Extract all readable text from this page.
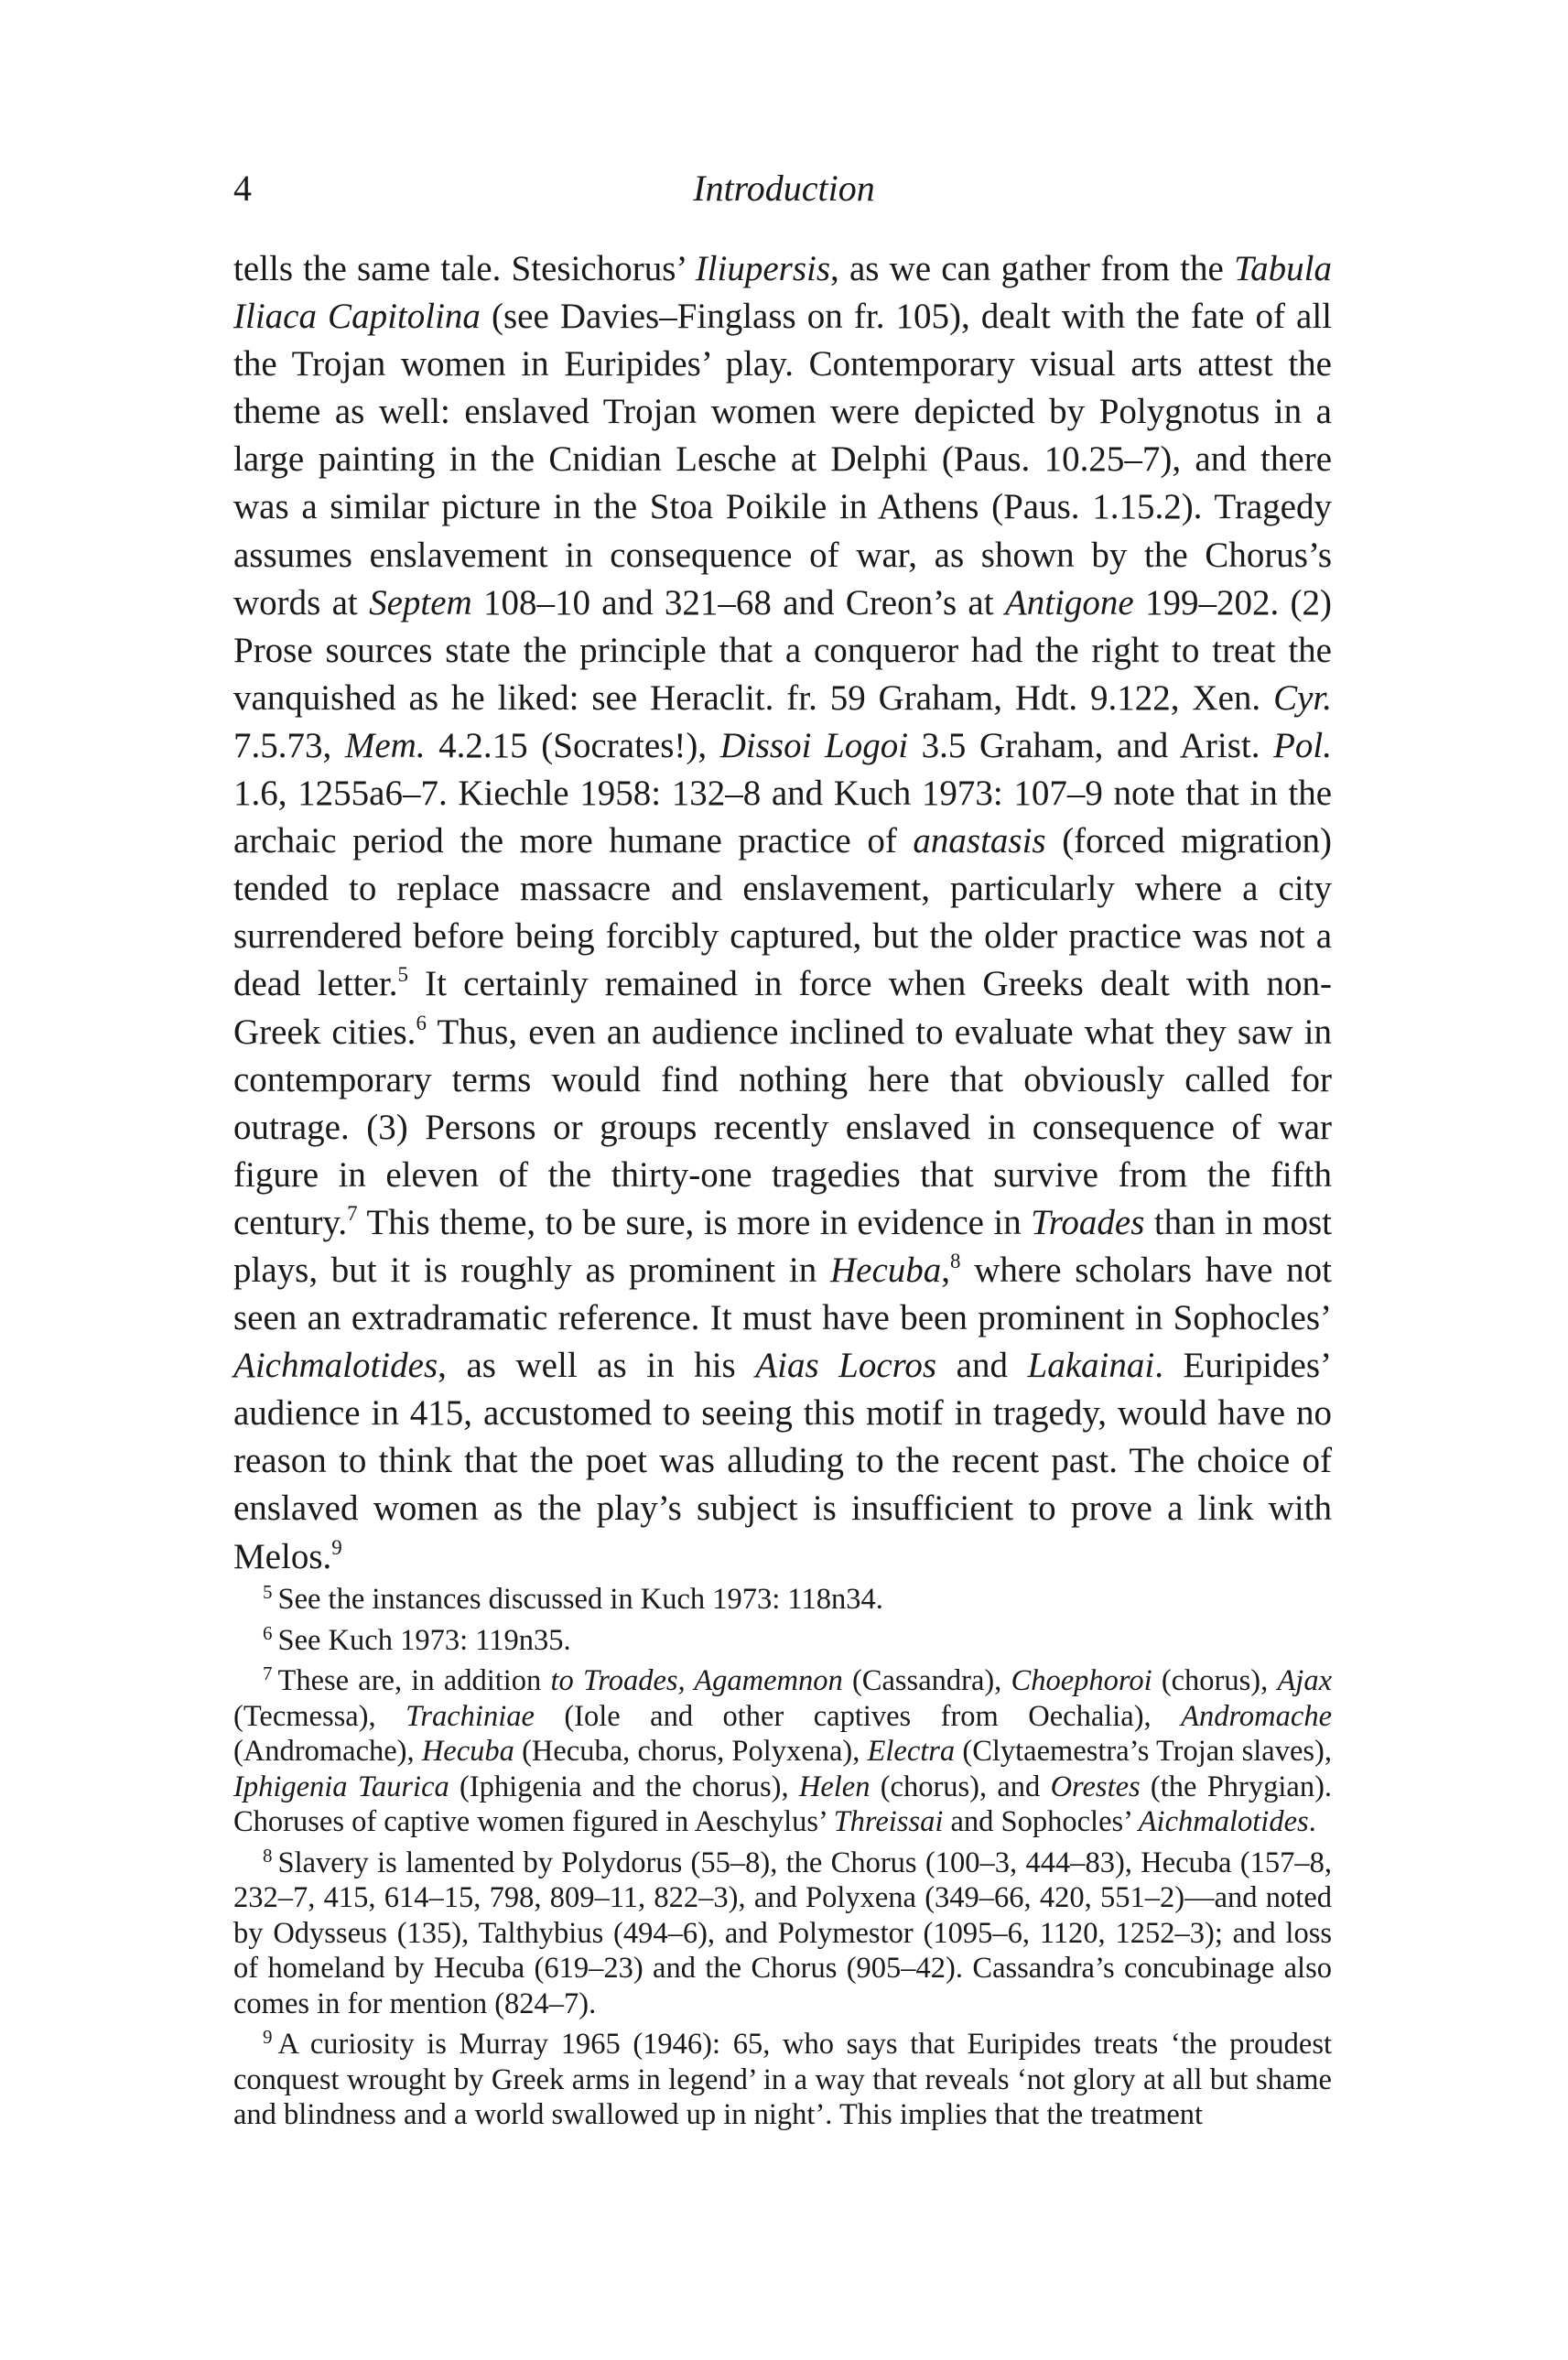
4	Introduction

tells the same tale. Stesichorus’ Iliupersis, as we can gather from the Tabula Iliaca Capitolina (see Davies–Finglass on fr. 105), dealt with the fate of all the Trojan women in Euripides’ play. Contemporary visual arts attest the theme as well: enslaved Trojan women were depicted by Polygnotus in a large painting in the Cnidian Lesche at Delphi (Paus. 10.25–7), and there was a similar picture in the Stoa Poikile in Athens (Paus. 1.15.2). Tragedy assumes enslavement in consequence of war, as shown by the Chorus’s words at Septem 108–10 and 321–68 and Creon’s at Antigone 199–202. (2) Prose sources state the principle that a conqueror had the right to treat the vanquished as he liked: see Heraclit. fr. 59 Graham, Hdt. 9.122, Xen. Cyr. 7.5.73, Mem. 4.2.15 (Socrates!), Dissoi Logoi 3.5 Graham, and Arist. Pol. 1.6, 1255a6–7. Kiechle 1958: 132–8 and Kuch 1973: 107–9 note that in the archaic period the more humane practice of anastasis (forced migration) tended to replace massacre and enslavement, particularly where a city surrendered before being forcibly captured, but the older practice was not a dead letter.$^5$ It certainly remained in force when Greeks dealt with non-Greek cities.$^6$ Thus, even an audience inclined to evaluate what they saw in contemporary terms would find nothing here that obviously called for outrage. (3) Persons or groups recently enslaved in consequence of war figure in eleven of the thirty-one tragedies that survive from the fifth century.$^7$ This theme, to be sure, is more in evidence in Troades than in most plays, but it is roughly as prominent in Hecuba,$^8$ where scholars have not seen an extradramatic reference. It must have been prominent in Sophocles’ Aichmalotides, as well as in his Aias Locros and Lakainai. Euripides’ audience in 415, accustomed to seeing this motif in tragedy, would have no reason to think that the poet was alluding to the recent past. The choice of enslaved women as the play’s subject is insufficient to prove a link with Melos.$^9$

$^5$ See the instances discussed in Kuch 1973: 118n34.

$^6$ See Kuch 1973: 119n35.

$^7$ These are, in addition to Troades, Agamemnon (Cassandra), Choephoroi (chorus), Ajax (Tecmessa), Trachiniae (Iole and other captives from Oechalia), Andromache (Andromache), Hecuba (Hecuba, chorus, Polyxena), Electra (Clytaemestra’s Trojan slaves), Iphigenia Taurica (Iphigenia and the chorus), Helen (chorus), and Orestes (the Phrygian). Choruses of captive women figured in Aeschylus’ Threissai and Sophocles’ Aichmalotides.

$^8$ Slavery is lamented by Polydorus (55–8), the Chorus (100–3, 444–83), Hecuba (157–8, 232–7, 415, 614–15, 798, 809–11, 822–3), and Polyxena (349–66, 420, 551–2)—and noted by Odysseus (135), Talthybius (494–6), and Polymestor (1095–6, 1120, 1252–3); and loss of homeland by Hecuba (619–23) and the Chorus (905–42). Cassandra’s concubinage also comes in for mention (824–7).

$^9$ A curiosity is Murray 1965 (1946): 65, who says that Euripides treats ‘the proudest conquest wrought by Greek arms in legend’ in a way that reveals ‘not glory at all but shame and blindness and a world swallowed up in night’. This implies that the treatment
